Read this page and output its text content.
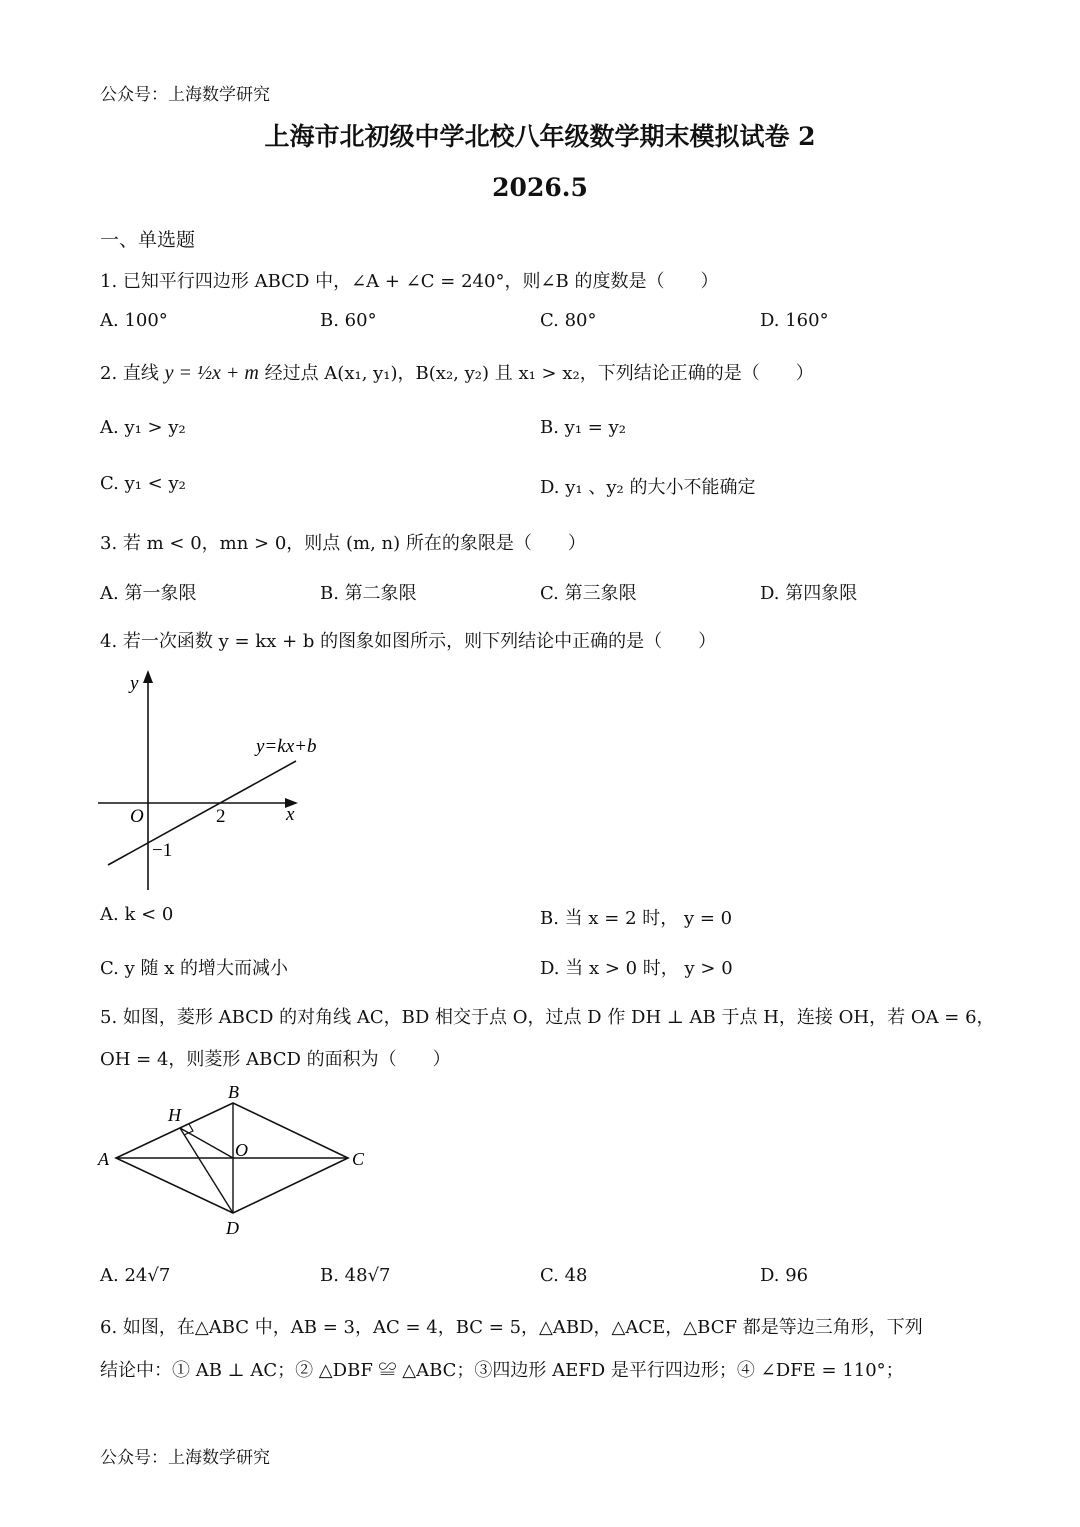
公众号：上海数学研究
上海市北初级中学北校八年级数学期末模拟试卷 2
2026.5
一、单选题
1. 已知平行四边形 ABCD 中，∠A + ∠C = 240°，则∠B 的度数是（　　）
A. 100°	B. 60°	C. 80°	D. 160°
2. 直线 y = ½x + m 经过点 A(x₁, y₁)，B(x₂, y₂) 且 x₁ > x₂，下列结论正确的是（　　）
A. y₁ > y₂	B. y₁ = y₂
C. y₁ < y₂	D. y₁ 、y₂ 的大小不能确定
3. 若 m < 0，mn > 0，则点 (m, n) 所在的象限是（　　）
A. 第一象限	B. 第二象限	C. 第三象限	D. 第四象限
4. 若一次函数 y = kx + b 的图象如图所示，则下列结论中正确的是（　　）
y
x
O	2
−1
y=kx+b
A. k < 0	B. 当 x = 2 时， y = 0
C. y 随 x 的增大而减小	D. 当 x > 0 时， y > 0
5. 如图，菱形 ABCD 的对角线 AC，BD 相交于点 O，过点 D 作 DH ⊥ AB 于点 H，连接 OH，若 OA = 6，
OH = 4，则菱形 ABCD 的面积为（　　）
A
B
C
D
O
H
A. 24√7	B. 48√7	C. 48	D. 96
6. 如图，在△ABC 中，AB = 3，AC = 4，BC = 5，△ABD，△ACE，△BCF 都是等边三角形，下列
结论中：① AB ⊥ AC；② △DBF ≌ △ABC；③四边形 AEFD 是平行四边形；④ ∠DFE = 110°；
公众号：上海数学研究
